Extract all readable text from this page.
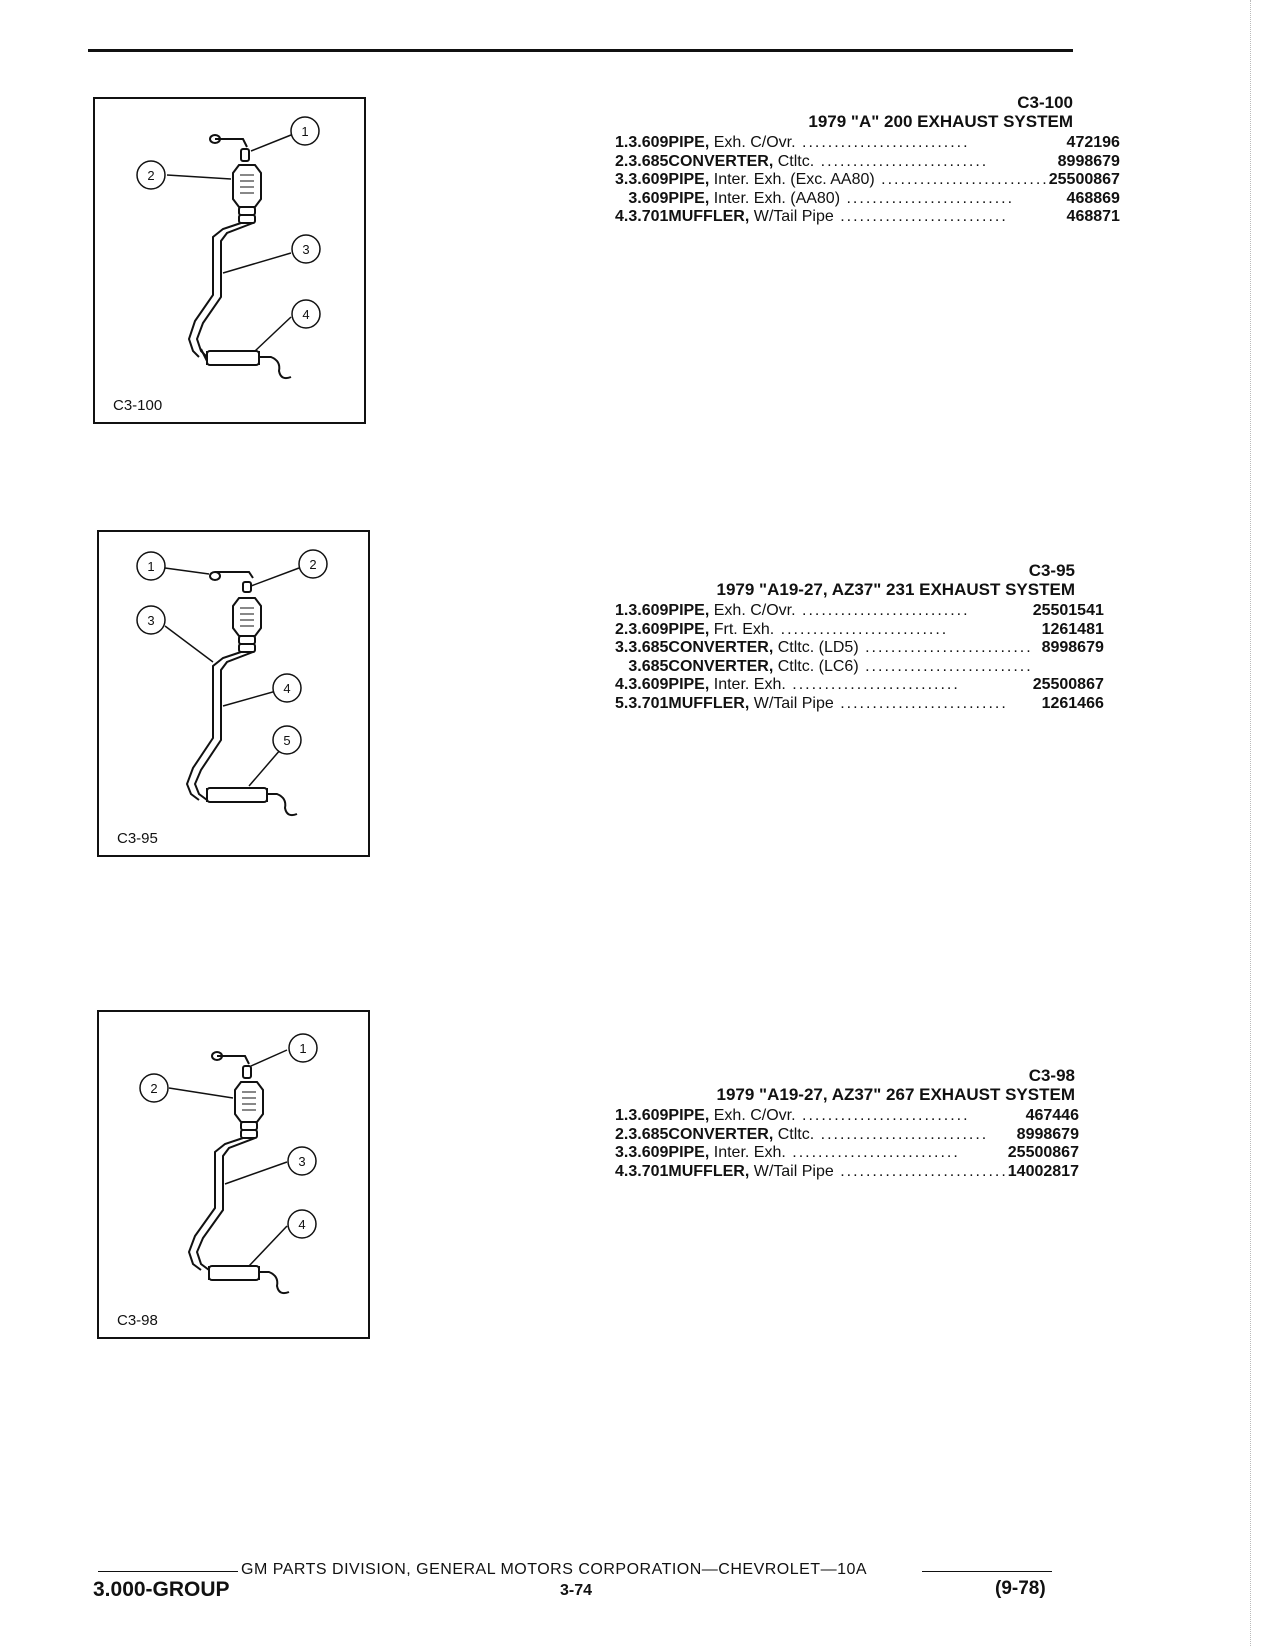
1
2
3
4
C3-100
C3-100
1979 "A" 200 EXHAUST SYSTEM
1.	3.609	PIPE, Exh. C/Ovr. ..........................	472196
2.	3.685	CONVERTER, Ctltc. ..........................	8998679
3.	3.609	PIPE, Inter. Exh. (Exc. AA80) ..........................	25500867
	3.609	PIPE, Inter. Exh. (AA80) ..........................	468869
4.	3.701	MUFFLER, W/Tail Pipe ..........................	468871
1	2
3
4
5
C3-95
C3-95
1979 "A19-27, AZ37" 231 EXHAUST SYSTEM
1.	3.609	PIPE, Exh. C/Ovr. ..........................	25501541
2.	3.609	PIPE, Frt. Exh. ..........................	1261481
3.	3.685	CONVERTER, Ctltc. (LD5) ..........................	8998679
	3.685	CONVERTER, Ctltc. (LC6) ..........................	
4.	3.609	PIPE, Inter. Exh. ..........................	25500867
5.	3.701	MUFFLER, W/Tail Pipe ..........................	1261466
1
2
3
4
C3-98
C3-98
1979 "A19-27, AZ37" 267 EXHAUST SYSTEM
1.	3.609	PIPE, Exh. C/Ovr. ..........................	467446
2.	3.685	CONVERTER, Ctltc. ..........................	8998679
3.	3.609	PIPE, Inter. Exh. ..........................	25500867
4.	3.701	MUFFLER, W/Tail Pipe ..........................	14002817
GM PARTS DIVISION, GENERAL MOTORS CORPORATION—CHEVROLET—10A
3.000-GROUP	3-74	(9-78)
